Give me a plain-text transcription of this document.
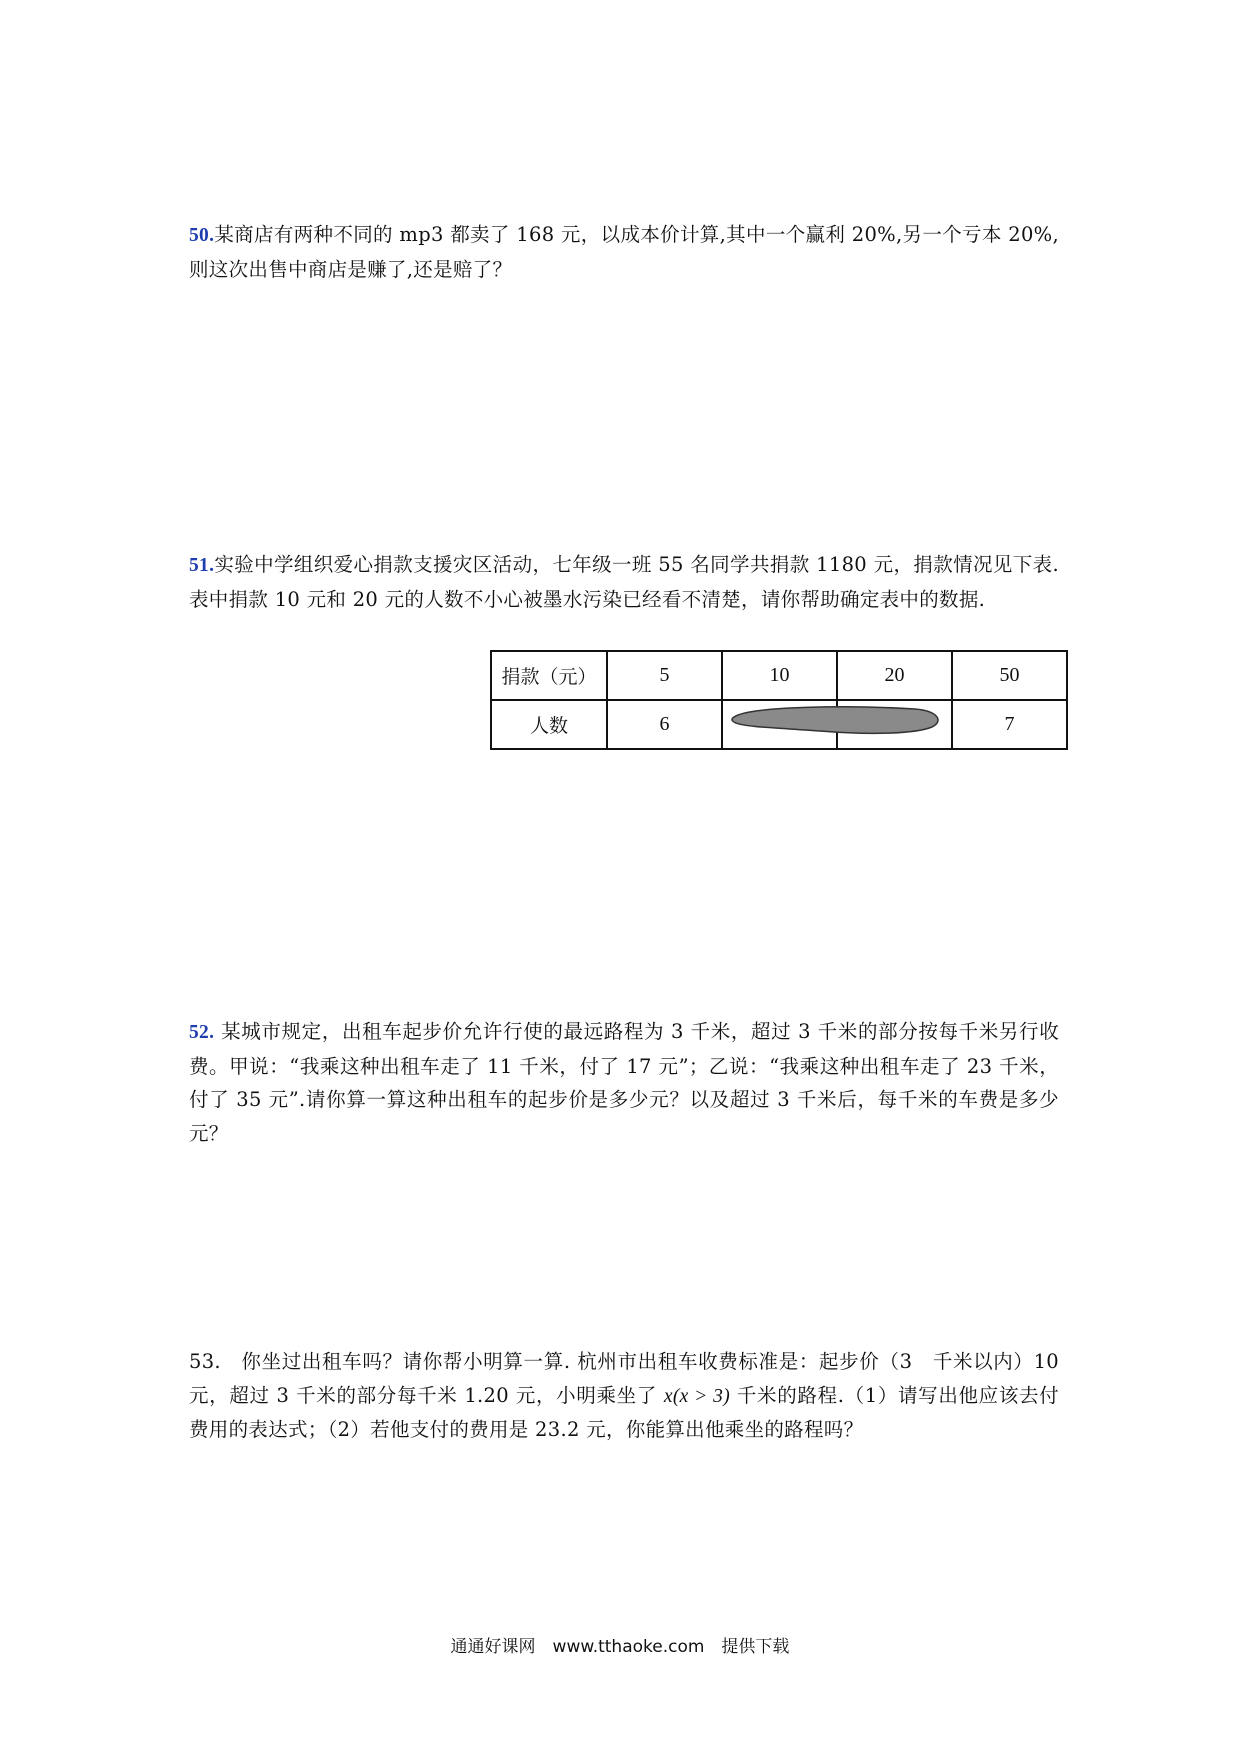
50.某商店有两种不同的 mp3 都卖了 168 元，以成本价计算,其中一个赢利 20%,另一个亏本 20%,则这次出售中商店是赚了,还是赔了？
51.实验中学组织爱心捐款支援灾区活动，七年级一班 55 名同学共捐款 1180 元，捐款情况见下表. 表中捐款 10 元和 20 元的人数不小心被墨水污染已经看不清楚，请你帮助确定表中的数据.
捐款（元）	5	10	20	50
人数	6			7
52. 某城市规定，出租车起步价允许行使的最远路程为 3 千米，超过 3 千米的部分按每千米另行收费。甲说：“我乘这种出租车走了 11 千米，付了 17 元”；乙说：“我乘这种出租车走了 23 千米，付了 35 元”.请你算一算这种出租车的起步价是多少元？以及超过 3 千米后，每千米的车费是多少元？
53.　你坐过出租车吗？请你帮小明算一算. 杭州市出租车收费标准是：起步价（3　千米以内）10 元，超过 3 千米的部分每千米 1.20 元，小明乘坐了 x(x > 3) 千米的路程.（1）请写出他应该去付费用的表达式；（2）若他支付的费用是 23.2 元，你能算出他乘坐的路程吗？
通通好课网　www.tthaoke.com　提供下载
